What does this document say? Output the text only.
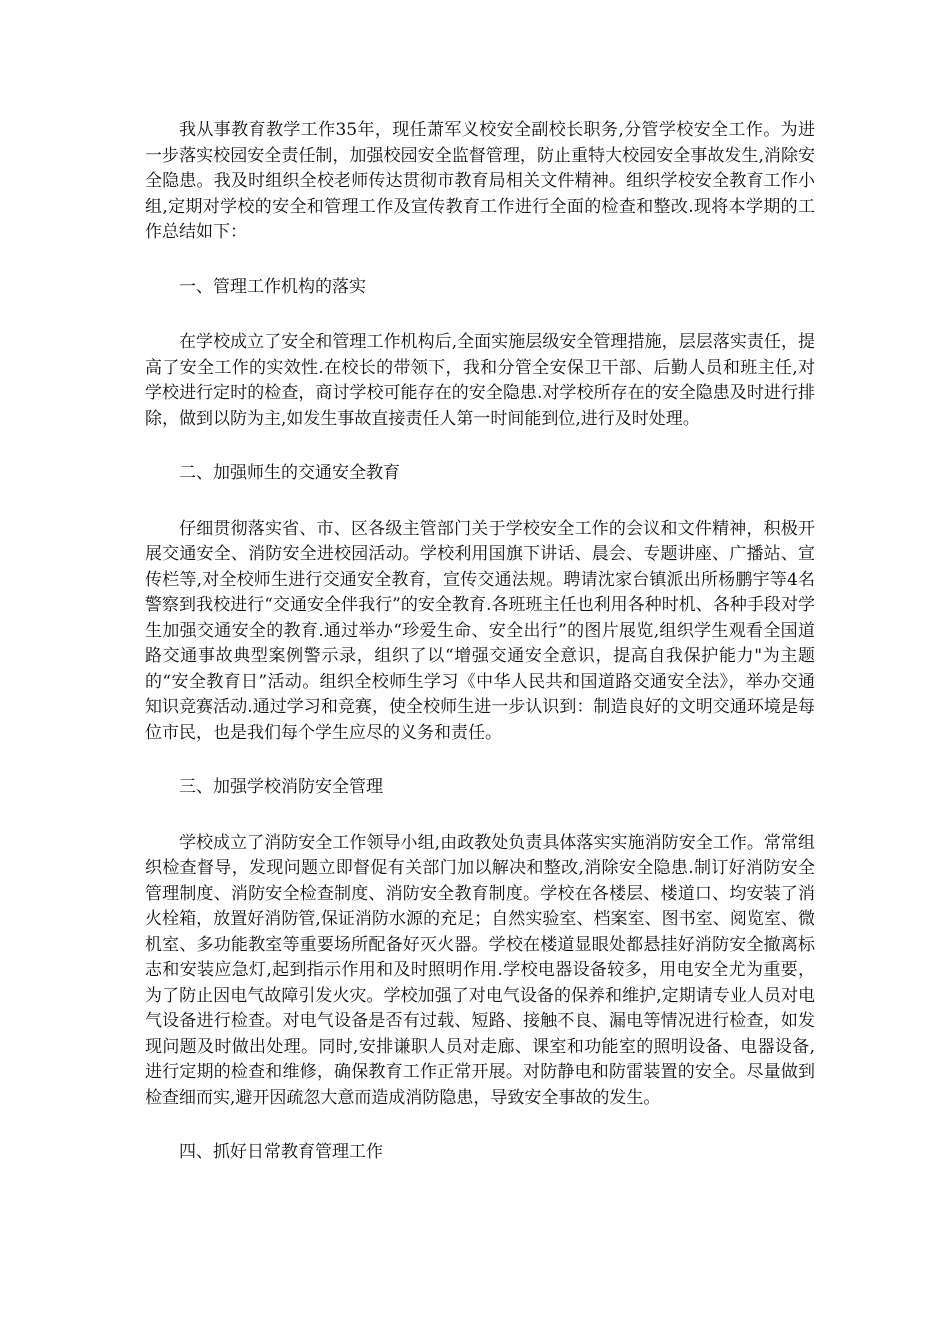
我从事教育教学工作35年，现任萧军义校安全副校长职务,分管学校安全工作。为进一步落实校园安全责任制，加强校园安全监督管理，防止重特大校园安全事故发生,消除安全隐患。我及时组织全校老师传达贯彻市教育局相关文件精神。组织学校安全教育工作小组,定期对学校的安全和管理工作及宣传教育工作进行全面的检查和整改.现将本学期的工作总结如下：

一、管理工作机构的落实

在学校成立了安全和管理工作机构后,全面实施层级安全管理措施，层层落实责任，提高了安全工作的实效性.在校长的带领下，我和分管全安保卫干部、后勤人员和班主任,对学校进行定时的检查，商讨学校可能存在的安全隐患.对学校所存在的安全隐患及时进行排除，做到以防为主,如发生事故直接责任人第一时间能到位,进行及时处理。

二、加强师生的交通安全教育

仔细贯彻落实省、市、区各级主管部门关于学校安全工作的会议和文件精神，积极开展交通安全、消防安全进校园活动。学校利用国旗下讲话、晨会、专题讲座、广播站、宣传栏等,对全校师生进行交通安全教育，宣传交通法规。聘请沈家台镇派出所杨鹏宇等4名警察到我校进行“交通安全伴我行”的安全教育.各班班主任也利用各种时机、各种手段对学生加强交通安全的教育.通过举办“珍爱生命、安全出行”的图片展览,组织学生观看全国道路交通事故典型案例警示录，组织了以“增强交通安全意识，提高自我保护能力"为主题的“安全教育日”活动。组织全校师生学习《中华人民共和国道路交通安全法》，举办交通知识竞赛活动.通过学习和竞赛，使全校师生进一步认识到：制造良好的文明交通环境是每位市民，也是我们每个学生应尽的义务和责任。

三、加强学校消防安全管理

学校成立了消防安全工作领导小组,由政教处负责具体落实实施消防安全工作。常常组织检查督导，发现问题立即督促有关部门加以解决和整改,消除安全隐患.制订好消防安全管理制度、消防安全检查制度、消防安全教育制度。学校在各楼层、楼道口、均安装了消火栓箱，放置好消防管,保证消防水源的充足；自然实验室、档案室、图书室、阅览室、微机室、多功能教室等重要场所配备好灭火器。学校在楼道显眼处都悬挂好消防安全撤离标志和安装应急灯,起到指示作用和及时照明作用.学校电器设备较多，用电安全尤为重要，为了防止因电气故障引发火灾。学校加强了对电气设备的保养和维护,定期请专业人员对电气设备进行检查。对电气设备是否有过载、短路、接触不良、漏电等情况进行检查，如发现问题及时做出处理。同时,安排谦职人员对走廊、课室和功能室的照明设备、电器设备,进行定期的检查和维修，确保教育工作正常开展。对防静电和防雷装置的安全。尽量做到检查细而实,避开因疏忽大意而造成消防隐患，导致安全事故的发生。

四、抓好日常教育管理工作
